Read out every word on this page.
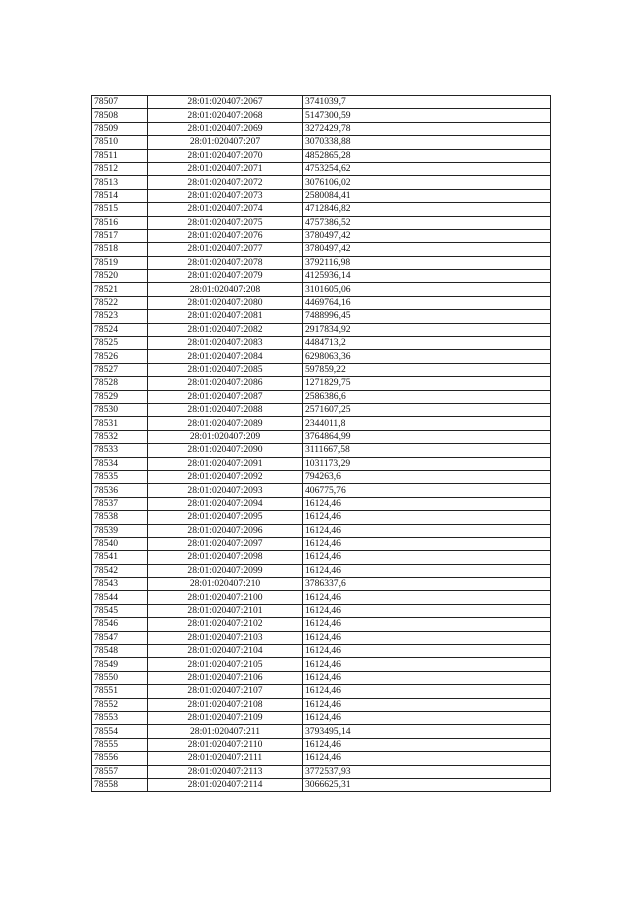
78507	28:01:020407:2067	3741039,7
78508	28:01:020407:2068	5147300,59
78509	28:01:020407:2069	3272429,78
78510	28:01:020407:207	3070338,88
78511	28:01:020407:2070	4852865,28
78512	28:01:020407:2071	4753254,62
78513	28:01:020407:2072	3076106,02
78514	28:01:020407:2073	2580084,41
78515	28:01:020407:2074	4712846,82
78516	28:01:020407:2075	4757386,52
78517	28:01:020407:2076	3780497,42
78518	28:01:020407:2077	3780497,42
78519	28:01:020407:2078	3792116,98
78520	28:01:020407:2079	4125936,14
78521	28:01:020407:208	3101605,06
78522	28:01:020407:2080	4469764,16
78523	28:01:020407:2081	7488996,45
78524	28:01:020407:2082	2917834,92
78525	28:01:020407:2083	4484713,2
78526	28:01:020407:2084	6298063,36
78527	28:01:020407:2085	597859,22
78528	28:01:020407:2086	1271829,75
78529	28:01:020407:2087	2586386,6
78530	28:01:020407:2088	2571607,25
78531	28:01:020407:2089	2344011,8
78532	28:01:020407:209	3764864,99
78533	28:01:020407:2090	3111667,58
78534	28:01:020407:2091	1031173,29
78535	28:01:020407:2092	794263,6
78536	28:01:020407:2093	406775,76
78537	28:01:020407:2094	16124,46
78538	28:01:020407:2095	16124,46
78539	28:01:020407:2096	16124,46
78540	28:01:020407:2097	16124,46
78541	28:01:020407:2098	16124,46
78542	28:01:020407:2099	16124,46
78543	28:01:020407:210	3786337,6
78544	28:01:020407:2100	16124,46
78545	28:01:020407:2101	16124,46
78546	28:01:020407:2102	16124,46
78547	28:01:020407:2103	16124,46
78548	28:01:020407:2104	16124,46
78549	28:01:020407:2105	16124,46
78550	28:01:020407:2106	16124,46
78551	28:01:020407:2107	16124,46
78552	28:01:020407:2108	16124,46
78553	28:01:020407:2109	16124,46
78554	28:01:020407:211	3793495,14
78555	28:01:020407:2110	16124,46
78556	28:01:020407:2111	16124,46
78557	28:01:020407:2113	3772537,93
78558	28:01:020407:2114	3066625,31
